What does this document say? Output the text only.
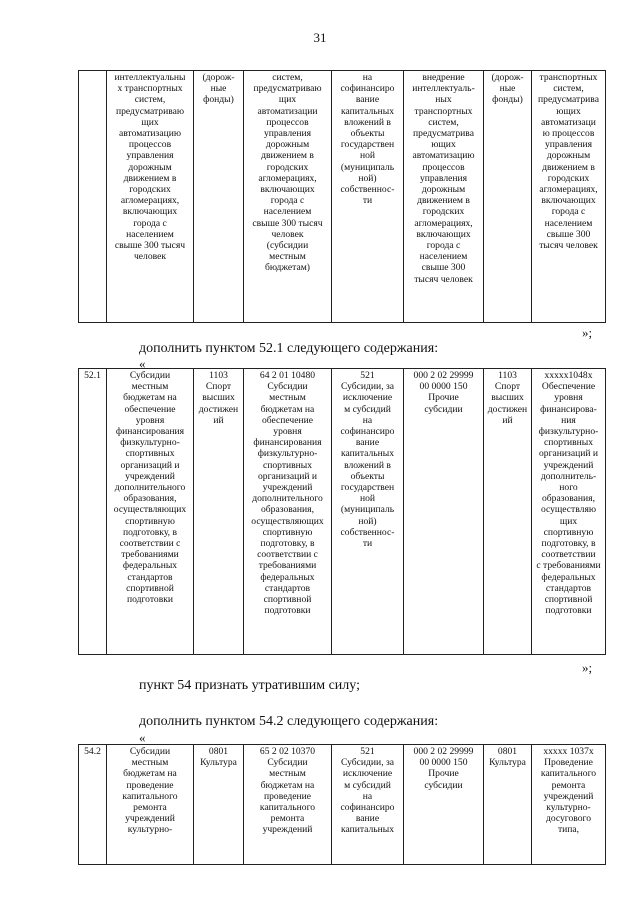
31
	интеллектуальны
х транспортных
систем,
предусматриваю
щих
автоматизацию
процессов
управления
дорожным
движением в
городских
агломерациях,
включающих
города с
населением
свыше 300 тысяч
человек	(дорож-
ные
фонды)	систем,
предусматриваю
щих
автоматизации
процессов
управления
дорожным
движением в
городских
агломерациях,
включающих
города с
населением
свыше 300 тысяч
человек
(субсидии
местным
бюджетам)	на
софинансиро
вание
капитальных
вложений в
объекты
государствен
ной
(муниципаль
ной)
собственнос-
ти	внедрение
интеллектуаль-
ных
транспортных
систем,
предусматрива
ющих
автоматизацию
процессов
управления
дорожным
движением в
городских
агломерациях,
включающих
города с
населением
свыше 300
тысяч человек	(дорож-
ные
фонды)	транспортных
систем,
предусматрива
ющих
автоматизаци
ю процессов
управления
дорожным
движением в
городских
агломерациях,
включающих
города с
населением
свыше 300
тысяч человек
»;
дополнить пунктом 52.1 следующего содержания:
«
52.1	Субсидии
местным
бюджетам на
обеспечение
уровня
финансирования
физкультурно-
спортивных
организаций и
учреждений
дополнительного
образования,
осуществляющих
спортивную
подготовку, в
соответствии с
требованиями
федеральных
стандартов
спортивной
подготовки	1103
Спорт
высших
достижен
ий	64 2 01 10480
Субсидии
местным
бюджетам на
обеспечение
уровня
финансирования
физкультурно-
спортивных
организаций и
учреждений
дополнительного
образования,
осуществляющих
спортивную
подготовку, в
соответствии с
требованиями
федеральных
стандартов
спортивной
подготовки	521
Субсидии, за
исключение
м субсидий
на
софинансиро
вание
капитальных
вложений в
объекты
государствен
ной
(муниципаль
ной)
собственнос-
ти	000 2 02 29999
00 0000 150
Прочие
субсидии	1103
Спорт
высших
достижен
ий	xxxxx1048x
Обеспечение
уровня
финансирова-
ния
физкультурно-
спортивных
организаций и
учреждений
дополнитель-
ного
образования,
осуществляю
щих
спортивную
подготовку, в
соответствии
с требованиями
федеральных
стандартов
спортивной
подготовки
»;
пункт 54 признать утратившим силу;
дополнить пунктом 54.2 следующего содержания:
«
54.2	Субсидии
местным
бюджетам на
проведение
капитального
ремонта
учреждений
культурно-	0801
Культура	65 2 02 10370
Субсидии
местным
бюджетам на
проведение
капитального
ремонта
учреждений	521
Субсидии, за
исключение
м субсидий
на
софинансиро
вание
капитальных	000 2 02 29999
00 0000 150
Прочие
субсидии	0801
Культура	xxxxx 1037x
Проведение
капитального
ремонта
учреждений
культурно-
досугового
типа,
